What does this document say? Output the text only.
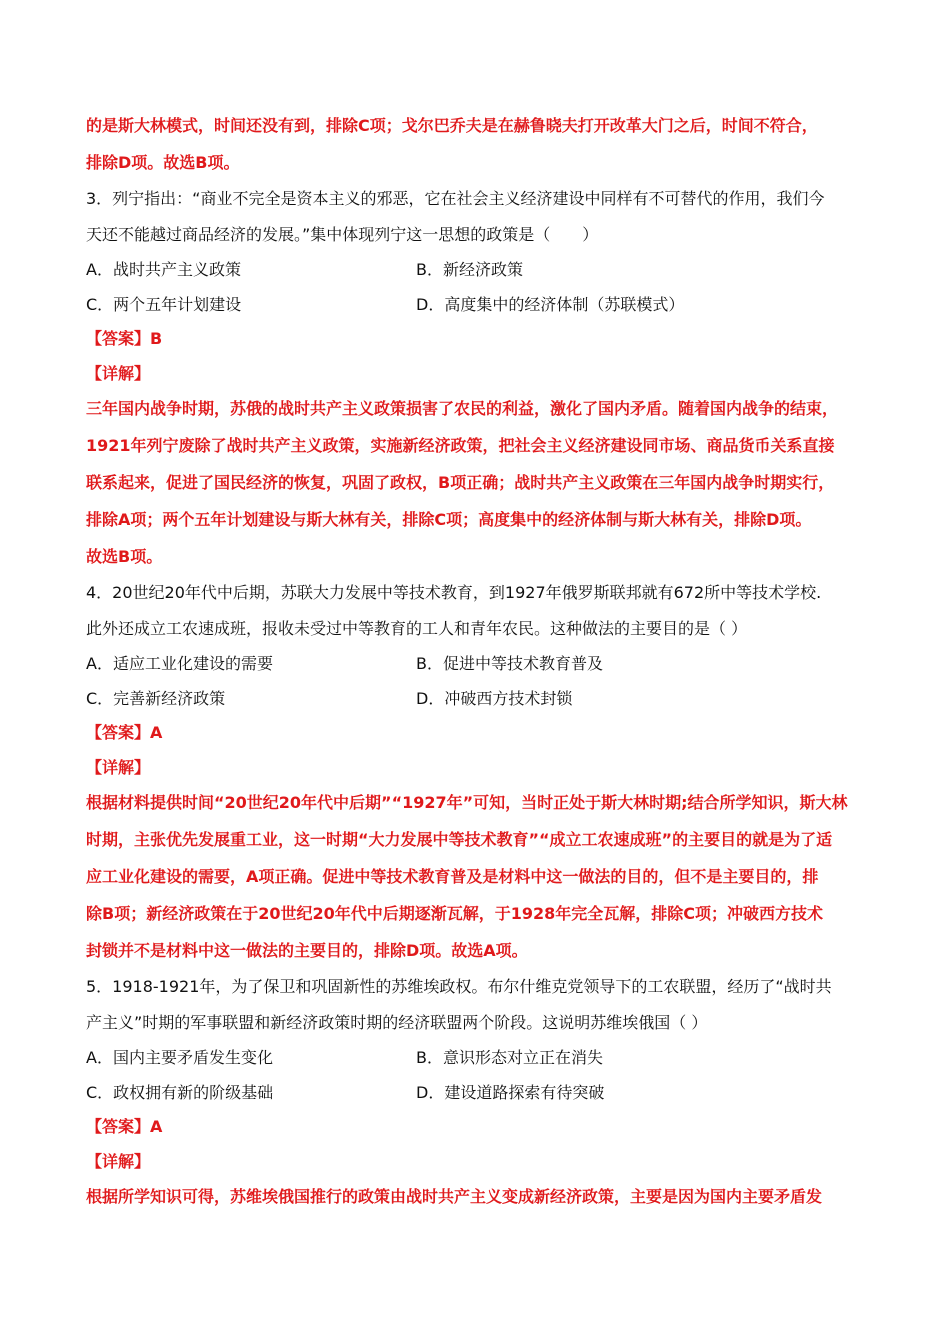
的是斯大林模式，时间还没有到，排除C项；戈尔巴乔夫是在赫鲁晓夫打开改革大门之后，时间不符合，
排除D项。故选B项。
3．列宁指出：“商业不完全是资本主义的邪恶，它在社会主义经济建设中同样有不可替代的作用，我们今
天还不能越过商品经济的发展。”集中体现列宁这一思想的政策是（　　）
A．战时共产主义政策	B．新经济政策
C．两个五年计划建设	D．高度集中的经济体制（苏联模式）
【答案】B
【详解】
三年国内战争时期，苏俄的战时共产主义政策损害了农民的利益，激化了国内矛盾。随着国内战争的结束，
1921年列宁废除了战时共产主义政策，实施新经济政策，把社会主义经济建设同市场、商品货币关系直接
联系起来，促进了国民经济的恢复，巩固了政权，B项正确；战时共产主义政策在三年国内战争时期实行，
排除A项；两个五年计划建设与斯大林有关，排除C项；高度集中的经济体制与斯大林有关，排除D项。
故选B项。
4．20世纪20年代中后期，苏联大力发展中等技术教育，到1927年俄罗斯联邦就有672所中等技术学校.
此外还成立工农速成班，报收未受过中等教育的工人和青年农民。这种做法的主要目的是（ ）
A．适应工业化建设的需要	B．促进中等技术教育普及
C．完善新经济政策	D．冲破西方技术封锁
【答案】A
【详解】
根据材料提供时间“20世纪20年代中后期”“1927年”可知，当时正处于斯大林时期;结合所学知识，斯大林
时期，主张优先发展重工业，这一时期“大力发展中等技术教育”“成立工农速成班”的主要目的就是为了适
应工业化建设的需要，A项正确。促进中等技术教育普及是材料中这一做法的目的，但不是主要目的，排
除B项；新经济政策在于20世纪20年代中后期逐渐瓦解，于1928年完全瓦解，排除C项；冲破西方技术
封锁并不是材料中这一做法的主要目的，排除D项。故选A项。
5．1918-1921年，为了保卫和巩固新性的苏维埃政权。布尔什维克党领导下的工农联盟，经历了“战时共
产主义”时期的军事联盟和新经济政策时期的经济联盟两个阶段。这说明苏维埃俄国（ ）
A．国内主要矛盾发生变化	B．意识形态对立正在消失
C．政权拥有新的阶级基础	D．建设道路探索有待突破
【答案】A
【详解】
根据所学知识可得，苏维埃俄国推行的政策由战时共产主义变成新经济政策，主要是因为国内主要矛盾发
